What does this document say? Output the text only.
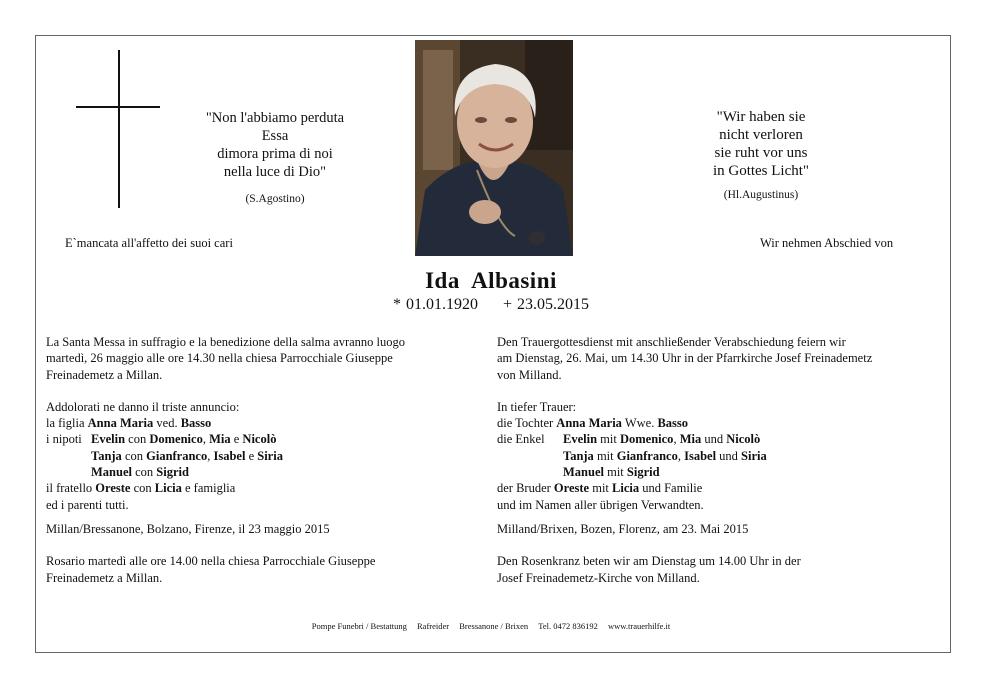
"Non l'abbiamo perduta
Essa
dimora prima di noi
nella luce di Dio"
(S.Agostino)
"Wir haben sie
nicht verloren
sie ruht vor uns
in Gottes Licht"
(Hl.Augustinus)
E`mancata all'affetto dei suoi cari	Wir nehmen Abschied von
Ida  Albasini
* 01.01.1920 + 23.05.2015

La Santa Messa in suffragio e la benedizione della salma avranno luogo

martedì, 26 maggio alle ore 14.30 nella chiesa Parrocchiale Giuseppe

Freinademetz a Millan.

Addolorati ne danno il triste annuncio:

la figlia Anna Maria ved. Basso

i nipoti Evelin con Domenico, Mia e Nicolò

Tanja con Gianfranco, Isabel e Siria

Manuel con Sigrid

il fratello Oreste con Licia e famiglia

ed i parenti tutti.

Millan/Bressanone, Bolzano, Firenze, il 23 maggio 2015

Rosario martedì alle ore 14.00 nella chiesa Parrocchiale Giuseppe

Freinademetz a Millan.

Den Trauergottesdienst mit anschließender Verabschiedung feiern wir

am Dienstag, 26. Mai, um 14.30 Uhr in der Pfarrkirche Josef Freinademetz

von Milland.

In tiefer Trauer:

die Tochter Anna Maria Wwe. Basso

die Enkel Evelin mit Domenico, Mia und Nicolò

Tanja mit Gianfranco, Isabel und Siria

Manuel mit Sigrid

der Bruder Oreste mit Licia und Familie

und im Namen aller übrigen Verwandten.

Milland/Brixen, Bozen, Florenz, am 23. Mai 2015

Den Rosenkranz beten wir am Dienstag um 14.00 Uhr in der

Josef Freinademetz-Kirche von Milland.

Pompe Funebri / Bestattung Rafreider Bressanone / Brixen Tel. 0472 836192 www.trauerhilfe.it
